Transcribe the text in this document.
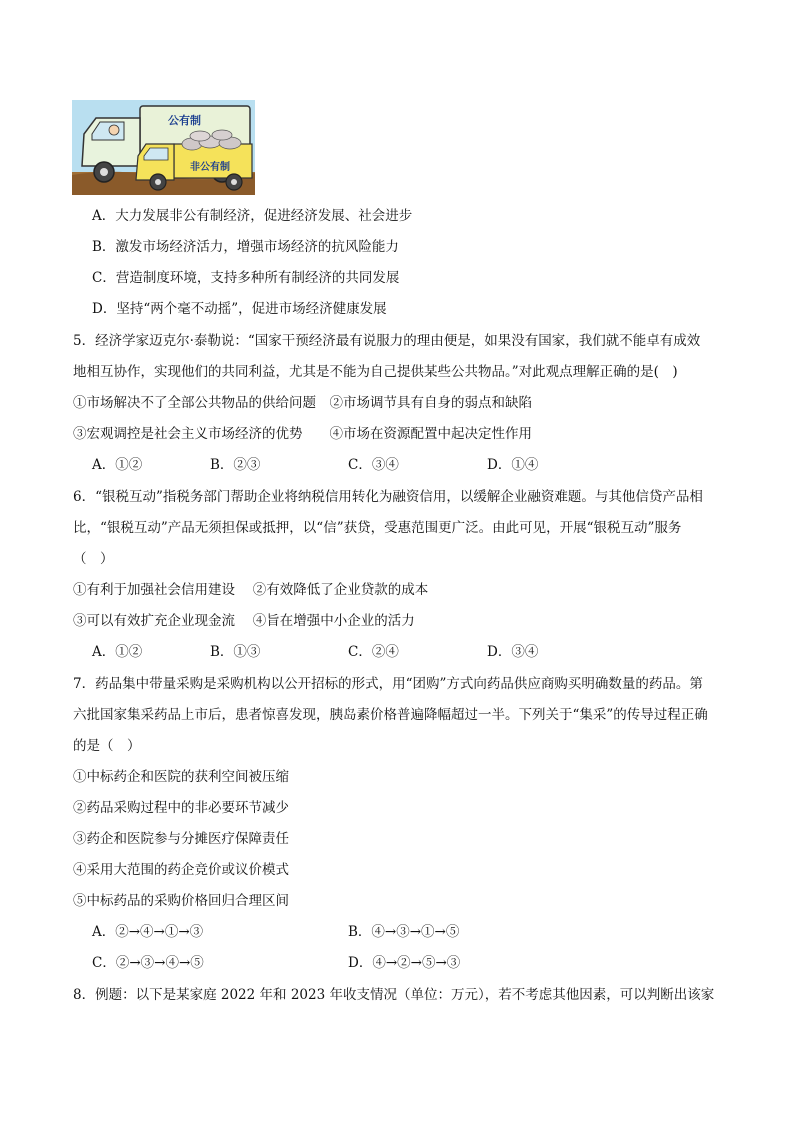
公有制
非公有制
A．大力发展非公有制经济，促进经济发展、社会进步
B．激发市场经济活力，增强市场经济的抗风险能力
C．营造制度环境，支持多种所有制经济的共同发展
D．坚持“两个毫不动摇”，促进市场经济健康发展
5．经济学家迈克尔·泰勒说：“国家干预经济最有说服力的理由便是，如果没有国家，我们就不能卓有成效
地相互协作，实现他们的共同利益，尤其是不能为自己提供某些公共物品。”对此观点理解正确的是(　)
①市场解决不了全部公共物品的供给问题　②市场调节具有自身的弱点和缺陷
③宏观调控是社会主义市场经济的优势　　④市场在资源配置中起决定性作用
A．①②	B．②③	C．③④	D．①④
6．“银税互动”指税务部门帮助企业将纳税信用转化为融资信用，以缓解企业融资难题。与其他信贷产品相
比，“银税互动”产品无须担保或抵押，以“信”获贷，受惠范围更广泛。由此可见，开展“银税互动”服务
（　）
①有利于加强社会信用建设　 ②有效降低了企业贷款的成本
③可以有效扩充企业现金流　 ④旨在增强中小企业的活力
A．①②	B．①③	C．②④	D．③④
7．药品集中带量采购是采购机构以公开招标的形式，用“团购”方式向药品供应商购买明确数量的药品。第
六批国家集采药品上市后，患者惊喜发现，胰岛素价格普遍降幅超过一半。下列关于“集采”的传导过程正确
的是（　）
①中标药企和医院的获利空间被压缩
②药品采购过程中的非必要环节减少
③药企和医院参与分摊医疗保障责任
④采用大范围的药企竞价或议价模式
⑤中标药品的采购价格回归合理区间
A．②→④→①→③	B．④→③→①→⑤
C．②→③→④→⑤	D．④→②→⑤→③
8．例题：以下是某家庭 2022 年和 2023 年收支情况（单位：万元），若不考虑其他因素，可以判断出该家
